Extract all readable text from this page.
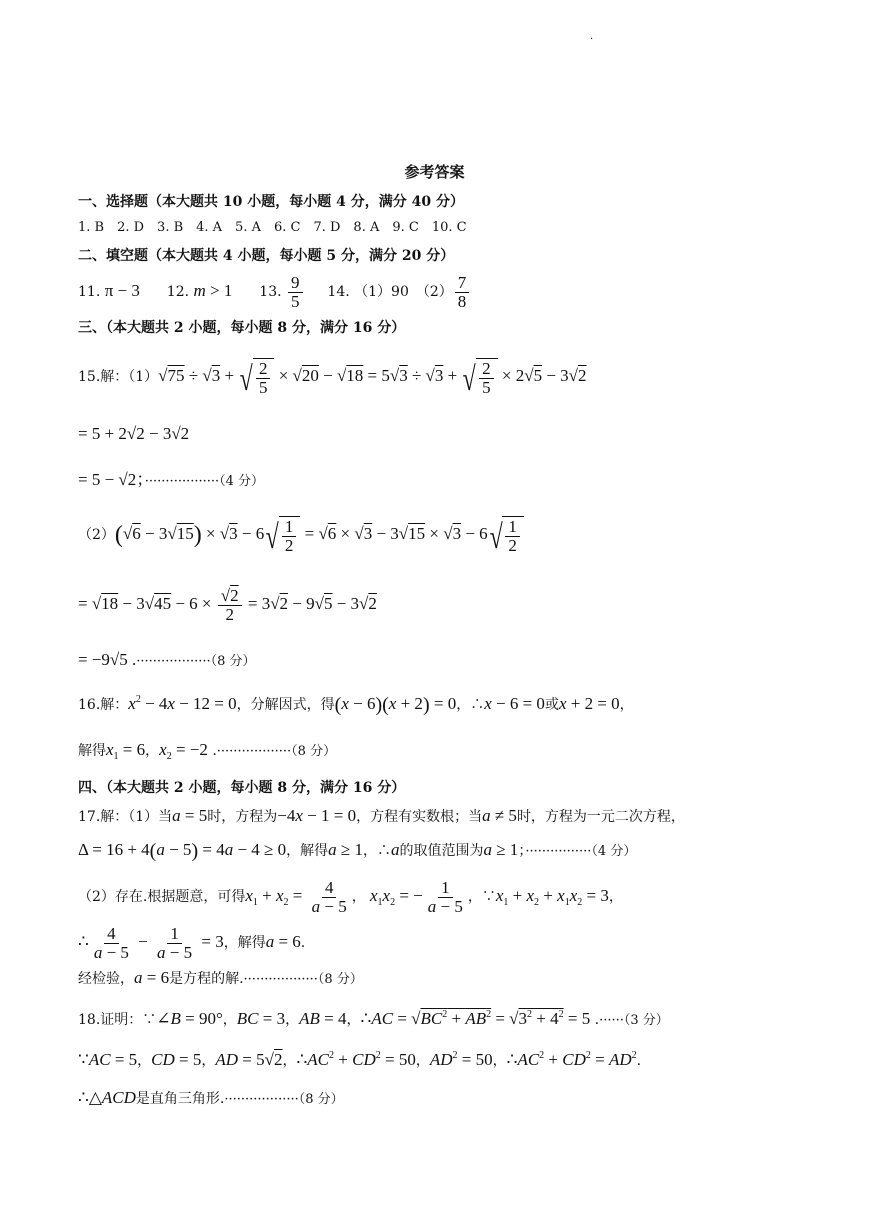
·
参考答案
一、选择题（本大题共 10 小题，每小题 4 分，满分 40 分）
1. B　2. D　3. B　4. A　5. A　6. C　7. D　8. A　9. C　10. C
二、填空题（本大题共 4 小题，每小题 5 分，满分 20 分）
11. π − 3 12. m > 1 13. $\frac{9}{5} 14$. （1）90　$(2) \frac{7}{8}$
三、（本大题共 2 小题，每小题 8 分，满分 16 分）
15.解：（1）√75 ÷ √3 + √ 2
5
× √20 − √18 = 5√3 ÷ √3 + √ 2
5
× 2√5 − 3√2
= 5 + 2√2 − 3√2
= 5 − √2；··················（4 分）
（2）(√6 − 3√15) × √3 − 6 √ 1
2
= √6 × √3 − 3√15 × √3 − 6 √ 1
2
= $√18 - 3√45 - 6 \times \frac{√2}{2} = 3√2 - 9√5 - 3√2$
= −9√5 .··················（8 分）
16.解：$x^2 - 4x - 12 = 0$，分解因式，得(x − 6)(x + 2) = 0，∴x − 6 = 0或x + 2 = 0，
解得$x_1 = 6$，$x_2 = -2$ .··················（8 分）
四、（本大题共 2 小题，每小题 8 分，满分 16 分）
17.解：（1）当a = 5时，方程为−4x − 1 = 0，方程有实数根；当a ≠ 5时，方程为一元二次方程，
Δ = 16 + 4(a − 5) = 4a − 4 ≥ 0，解得a ≥ 1，∴a的取值范围为a ≥ 1；················（4 分）
（2）存在.根据题意，可得$x_1 + x_2 = \frac{4}{a - 5}$ ， $x_1x_2$ = − $\frac{1}{a - 5}$ ，$\because x_1 + x_2 + x_1x_2 = 3$，
∴ $\frac{4}{a - 5} - \frac{1}{a - 5} = 3$，解得a = 6.
经检验，a = 6是方程的解.··················（8 分）
18.证明：∵∠B = 90°，BC = 3，AB = 4，∴AC = $√BC^2 + AB^2 = √3^2 + 4^2 = 5$ .······（3 分）
∵AC = 5，CD = 5，AD = 5√2，$\therefore AC^2 + CD^2 = 50$，$AD^2 = 50$，$\therefore AC^2 + CD^2 = AD^2$.
∴△ACD是直角三角形.··················（8 分）
